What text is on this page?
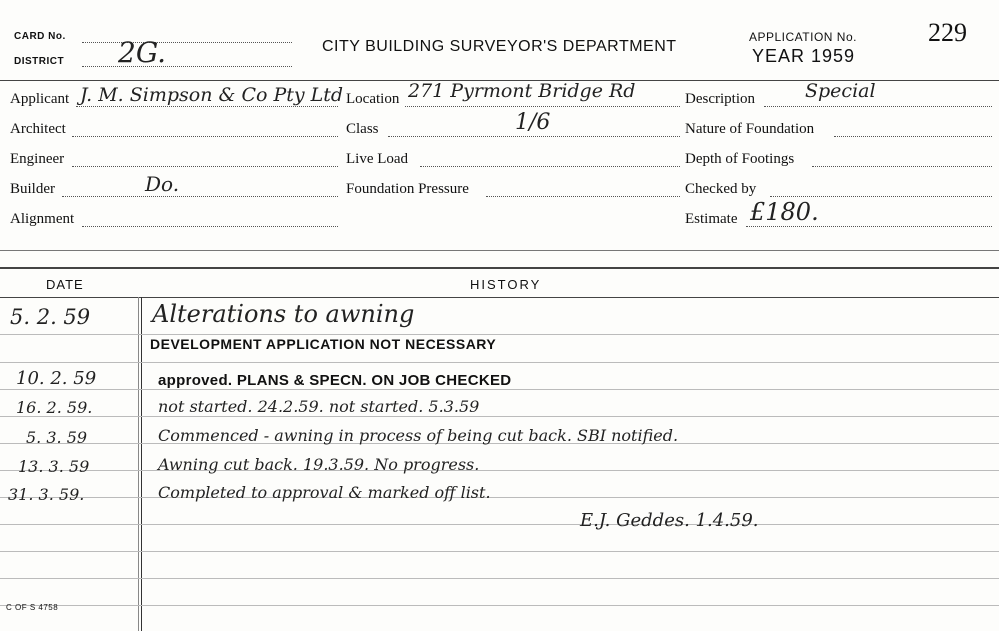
CARD No.
DISTRICT 2G.	CITY BUILDING SURVEYOR'S DEPARTMENT
APPLICATION No.	229
YEAR 1959
Applicant J. M. Simpson & Co Pty Ltd
Architect
Engineer
Builder	Do.
Alignment
Location 271 Pyrmont Bridge Rd
Class	1/6
Live Load
Foundation Pressure
Description	Special
Nature of Foundation
Depth of Footings
Checked by
Estimate £180.
DATE	HISTORY
5. 2. 59	Alterations to awning
DEVELOPMENT APPLICATION NOT NECESSARY
10. 2. 59	approved. PLANS & SPECN. ON JOB CHECKED
16. 2. 59.	not started. 24.2.59. not started. 5.3.59
5. 3. 59	Commenced - awning in process of being cut back. SBI notified.
13. 3. 59	Awning cut back. 19.3.59. No progress.
31. 3. 59.	Completed to approval & marked off list.
E.J. Geddes. 1.4.59.
C OF S 4758
